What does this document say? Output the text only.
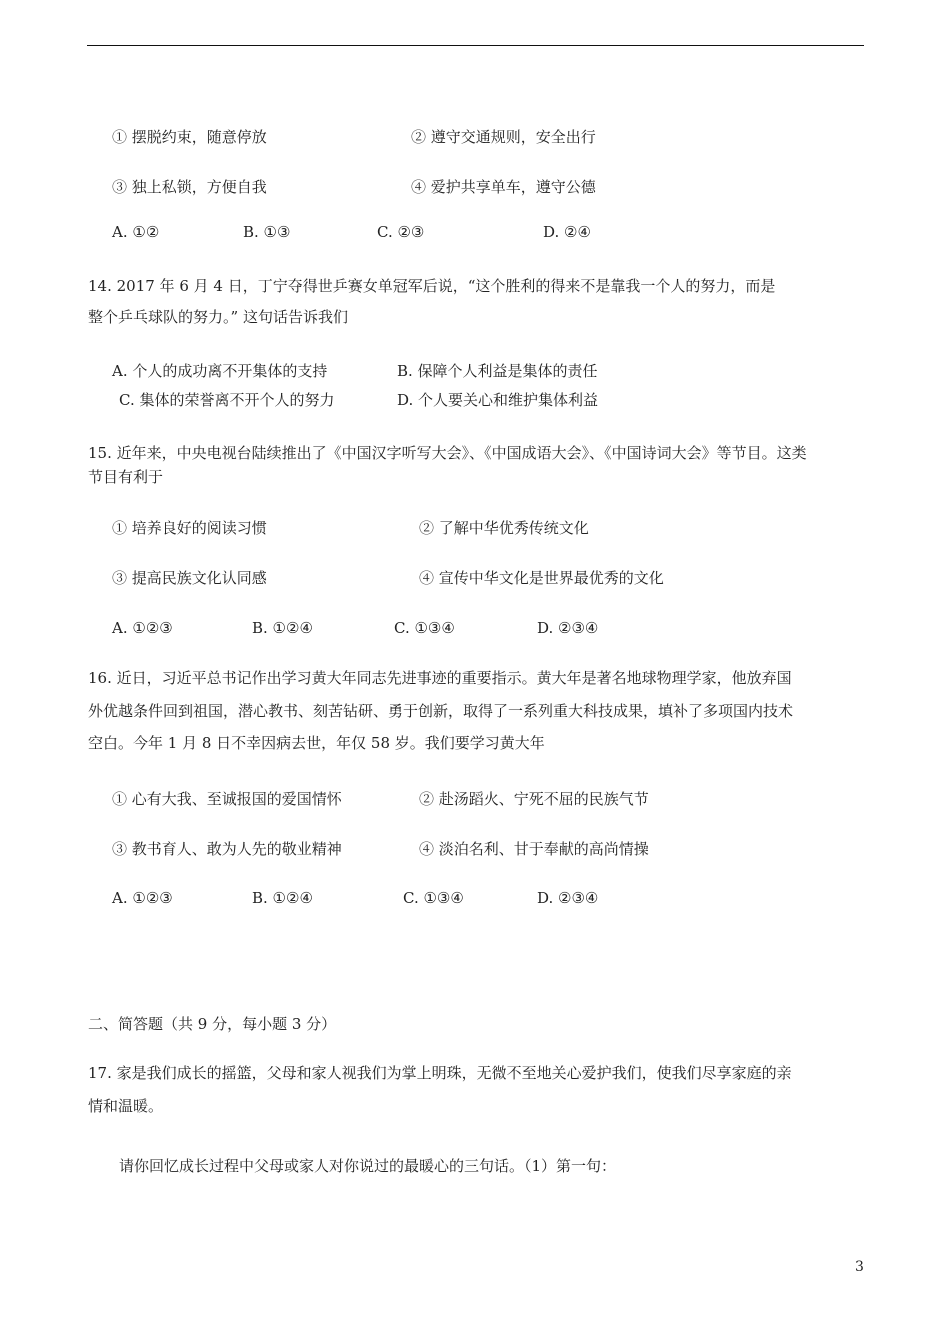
① 摆脱约束，随意停放	② 遵守交通规则，安全出行
③ 独上私锁，方便自我	④ 爱护共享单车，遵守公德
A. ①②	B. ①③	C. ②③	D. ②④
14. 2017 年 6 月 4 日，丁宁夺得世乒赛女单冠军后说，“这个胜利的得来不是靠我一个人的努力，而是
整个乒乓球队的努力。” 这句话告诉我们
A. 个人的成功离不开集体的支持	B. 保障个人利益是集体的责任
C. 集体的荣誉离不开个人的努力	D. 个人要关心和维护集体利益
15. 近年来，中央电视台陆续推出了《中国汉字听写大会》、《中国成语大会》、《中国诗词大会》等节目。这类
节目有利于
① 培养良好的阅读习惯	② 了解中华优秀传统文化
③ 提高民族文化认同感	④ 宣传中华文化是世界最优秀的文化
A. ①②③	B. ①②④	C. ①③④	D. ②③④
16. 近日，习近平总书记作出学习黄大年同志先进事迹的重要指示。黄大年是著名地球物理学家，他放弃国
外优越条件回到祖国，潜心教书、刻苦钻研、勇于创新，取得了一系列重大科技成果，填补了多项国内技术
空白。今年 1 月 8 日不幸因病去世，年仅 58 岁。我们要学习黄大年
① 心有大我、至诚报国的爱国情怀	② 赴汤蹈火、宁死不屈的民族气节
③ 教书育人、敢为人先的敬业精神	④ 淡泊名利、甘于奉献的高尚情操
A. ①②③	B. ①②④	C. ①③④	D. ②③④
二、简答题（共 9 分，每小题 3 分）
17. 家是我们成长的摇篮，父母和家人视我们为掌上明珠，无微不至地关心爱护我们，使我们尽享家庭的亲
情和温暖。
请你回忆成长过程中父母或家人对你说过的最暖心的三句话。（1）第一句：
3
